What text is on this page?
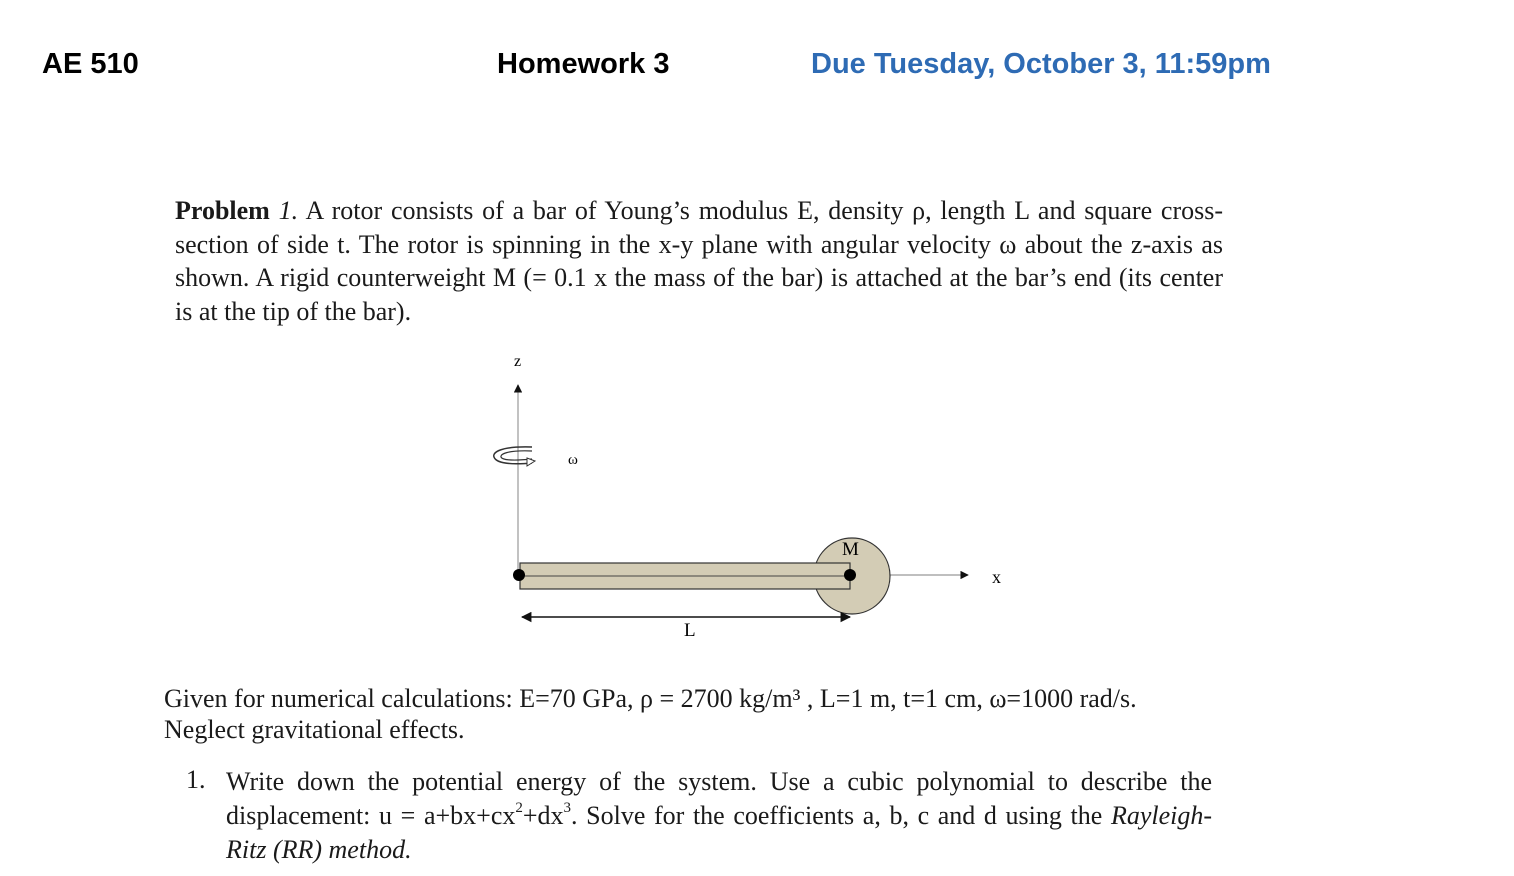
AE 510	Homework 3	Due Tuesday, October 3, 11:59pm
Problem 1. A rotor consists of a bar of Young’s modulus E, density ρ, length L and square cross-section of side t. The rotor is spinning in the x-y plane with angular velocity ω about the z-axis as shown. A rigid counterweight M (= 0.1 x the mass of the bar) is attached at the bar’s end (its center is at the tip of the bar).
z
ω
x
M
L
Given for numerical calculations: E=70 GPa, ρ = 2700 kg/m³ , L=1 m, t=1 cm, ω=1000 rad/s. Neglect gravitational effects.
1. Write down the potential energy of the system. Use a cubic polynomial to describe the displacement: $u = a+bx+cx^2+dx^3$. Solve for the coefficients a, b, c and d using the Rayleigh-Ritz (RR) method.
